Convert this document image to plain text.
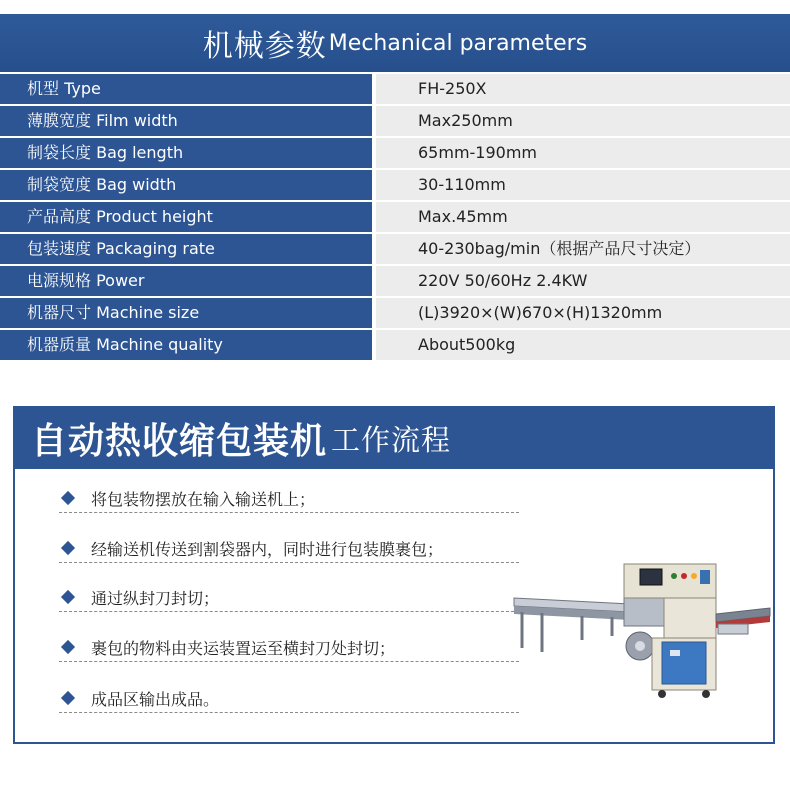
机械参数 Mechanical parameters
机型 Type	FH-250X
薄膜宽度 Film width	Max250mm
制袋长度 Bag length	65mm-190mm
制袋宽度 Bag width	30-110mm
产品高度 Product height	Max.45mm
包装速度 Packaging rate	40-230bag/min（根据产品尺寸决定）
电源规格 Power	220V 50/60Hz 2.4KW
机器尺寸 Machine size	(L)3920×(W)670×(H)1320mm
机器质量 Machine quality	About500kg
自动热收缩包装机 工作流程
将包装物摆放在输入输送机上；
经输送机传送到割袋器内，同时进行包装膜裹包；
通过纵封刀封切；
裹包的物料由夹运装置运至横封刀处封切；
成品区输出成品。
